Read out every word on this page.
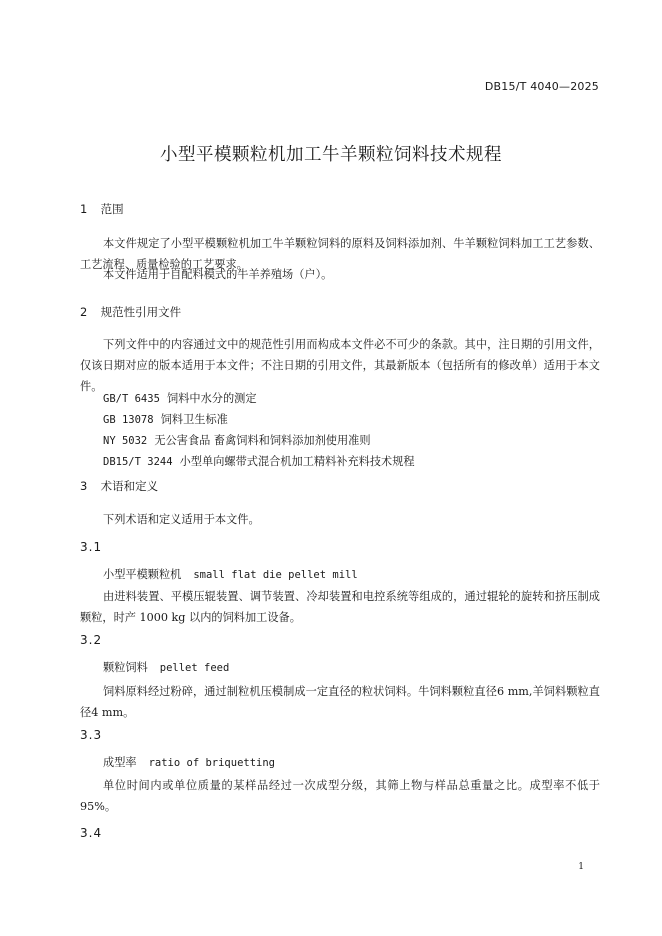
DB15/T 4040—2025
小型平模颗粒机加工牛羊颗粒饲料技术规程
1 范围
本文件规定了小型平模颗粒机加工牛羊颗粒饲料的原料及饲料添加剂、牛羊颗粒饲料加工工艺参数、工艺流程、质量检验的工艺要求。
本文件适用于自配料模式的牛羊养殖场（户）。
2 规范性引用文件
下列文件中的内容通过文中的规范性引用而构成本文件必不可少的条款。其中，注日期的引用文件，仅该日期对应的版本适用于本文件；不注日期的引用文件，其最新版本（包括所有的修改单）适用于本文件。
GB/T 6435 饲料中水分的测定
GB 13078 饲料卫生标准
NY 5032 无公害食品 畜禽饲料和饲料添加剂使用准则
DB15/T 3244 小型单向螺带式混合机加工精料补充料技术规程
3 术语和定义
下列术语和定义适用于本文件。
3.1
小型平模颗粒机 small flat die pellet mill
由进料装置、平模压辊装置、调节装置、冷却装置和电控系统等组成的，通过辊轮的旋转和挤压制成颗粒，时产 1000 kg 以内的饲料加工设备。
3.2
颗粒饲料 pellet feed
饲料原料经过粉碎，通过制粒机压模制成一定直径的粒状饲料。牛饲料颗粒直径6 mm,羊饲料颗粒直径4 mm。
3.3
成型率 ratio of briquetting
单位时间内或单位质量的某样品经过一次成型分级，其筛上物与样品总重量之比。成型率不低于95%。
3.4
1
